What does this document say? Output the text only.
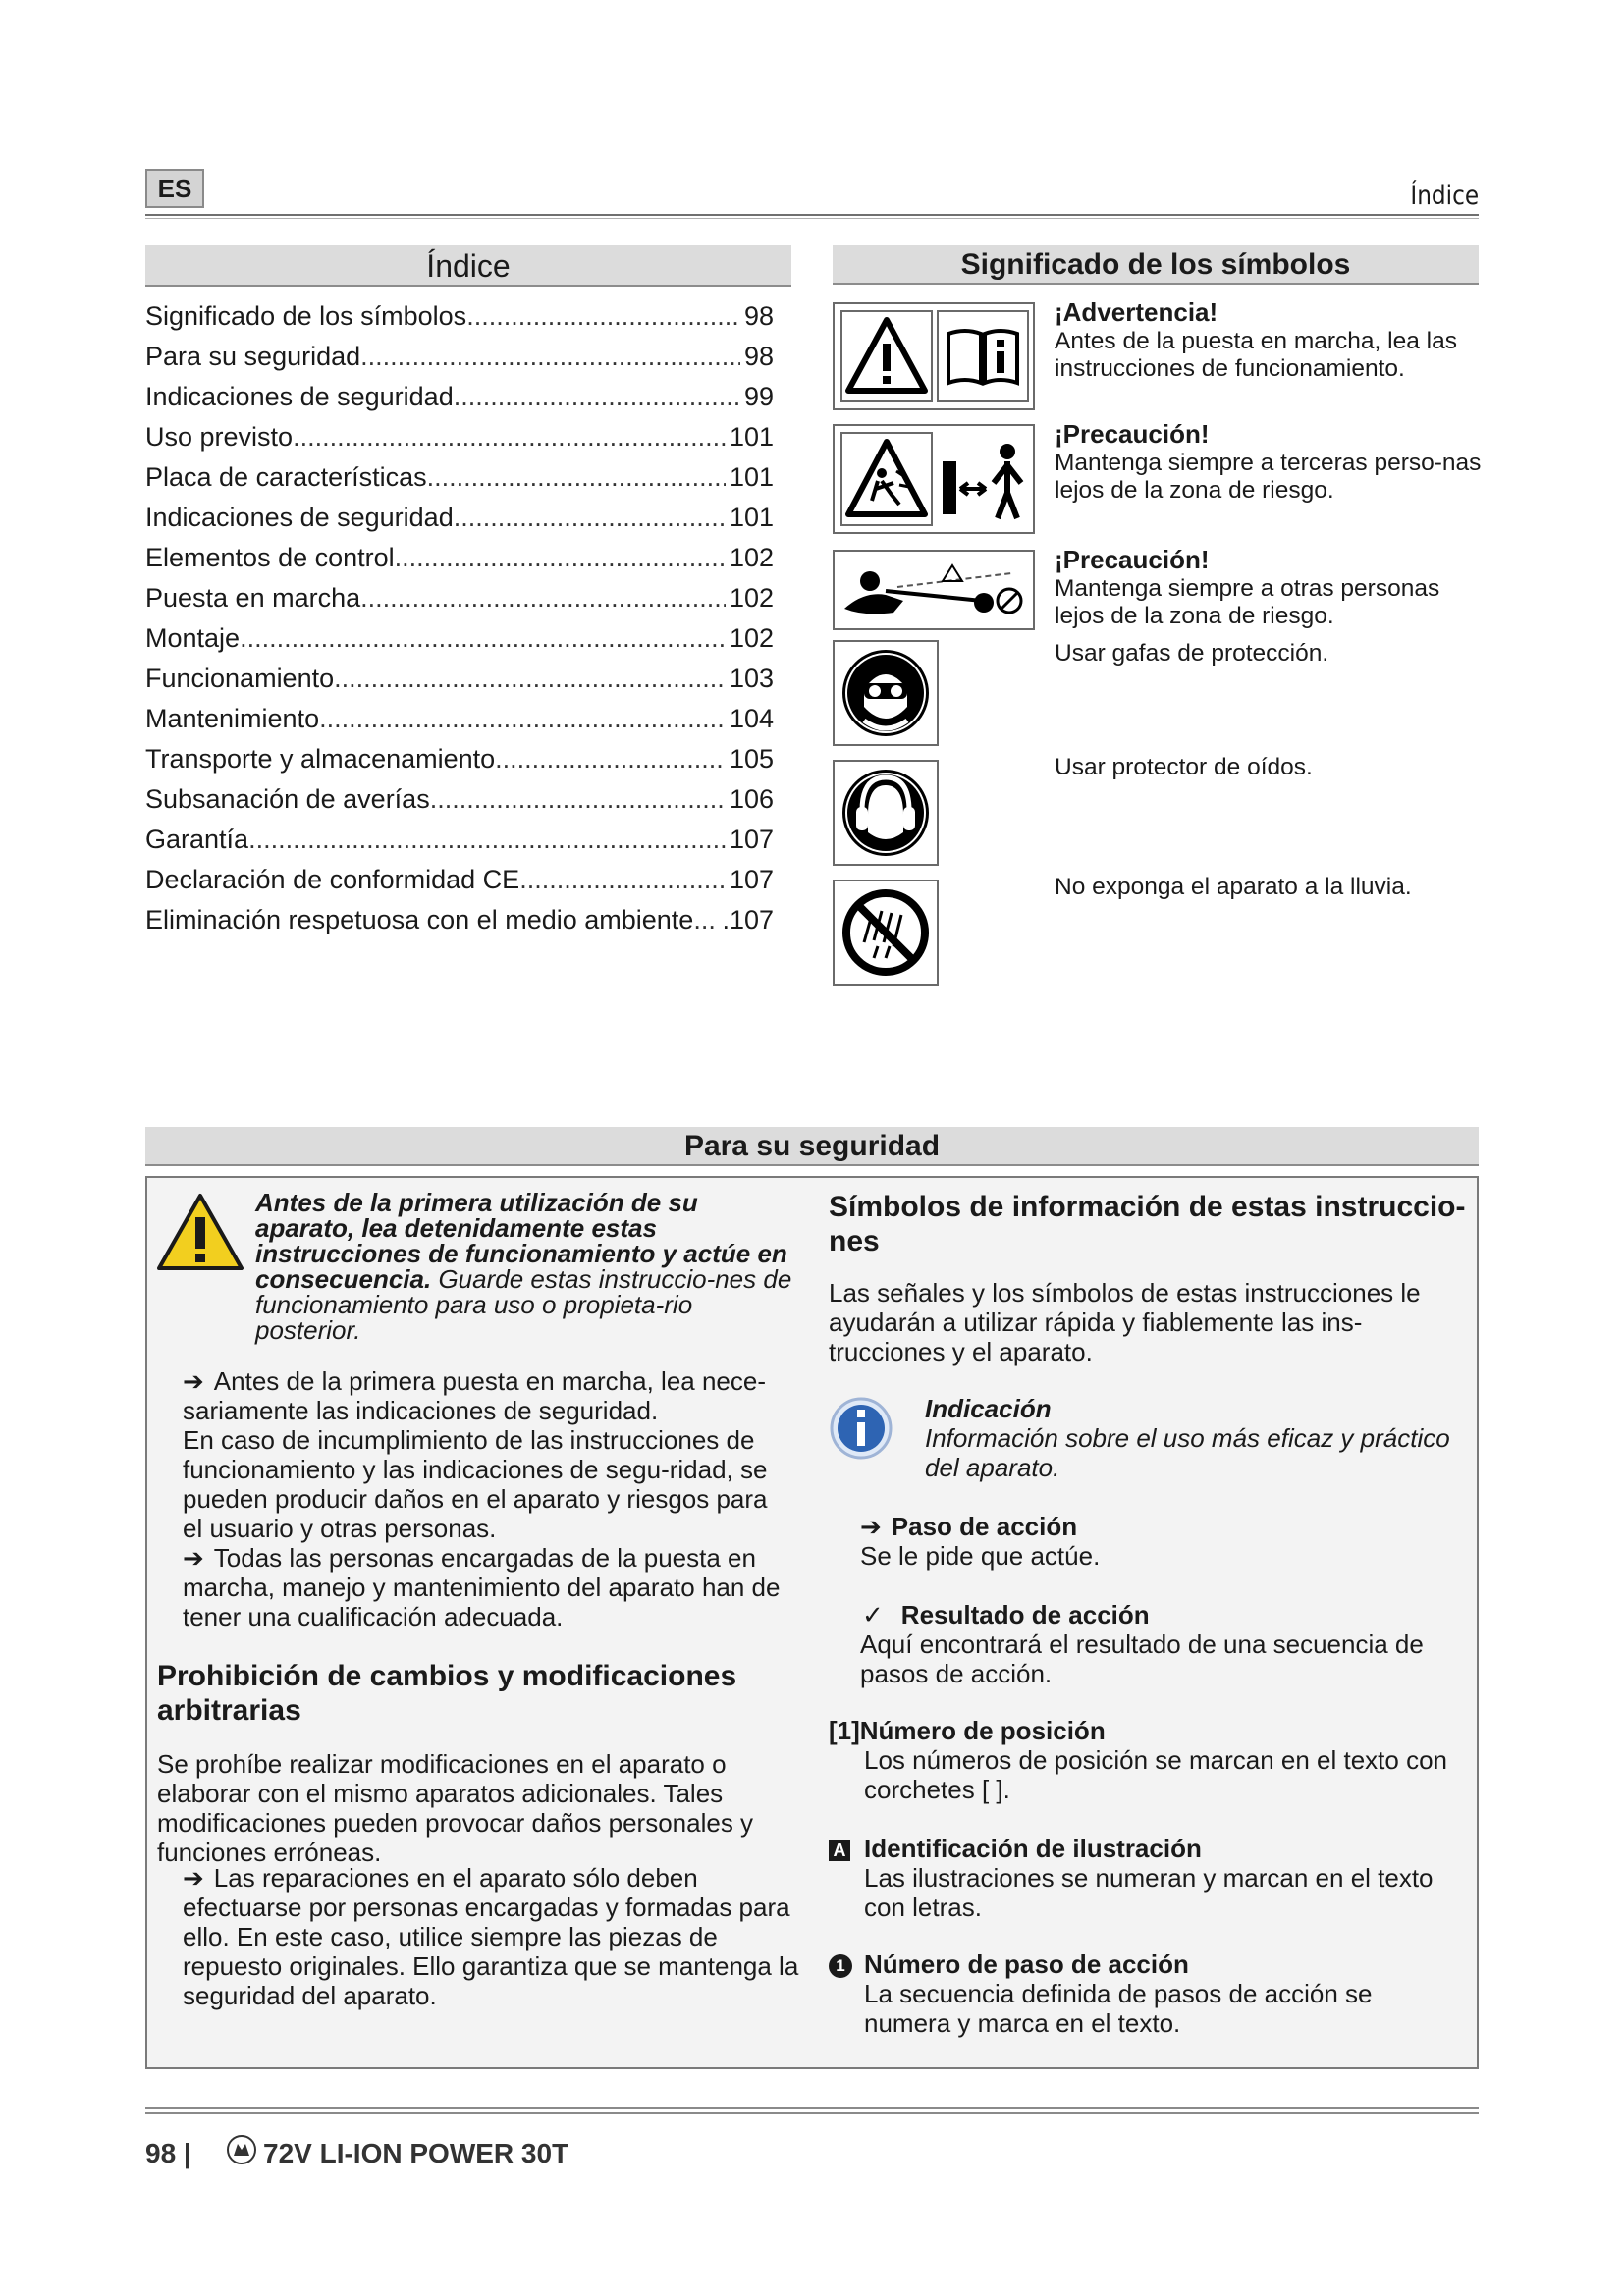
ES	Índice
Índice
Significado de los símbolos .....	98
Para su seguridad .....	98
Indicaciones de seguridad .....	99
Uso previsto .....	101
Placa de características .....	101
Indicaciones de seguridad .....	101
Elementos de control .....	102
Puesta en marcha .....	102
Montaje .....	102
Funcionamiento .....	103
Mantenimiento .....	104
Transporte y almacenamiento .....	105
Subsanación de averías .....	106
Garantía .....	107
Declaración de conformidad CE .....	107
Eliminación respetuosa con el medio ambiente ..... .107
Significado de los símbolos
¡Advertencia!
Antes de la puesta en marcha, lea las instrucciones de funcionamiento.
¡Precaución!
Mantenga siempre a terceras perso-nas lejos de la zona de riesgo.
¡Precaución!
Mantenga siempre a otras personas lejos de la zona de riesgo.

Usar gafas de protección.
Usar protector de oídos.
No exponga el aparato a la lluvia.
Para su seguridad
Antes de la primera utilización de su aparato, lea detenidamente estas instrucciones de funcionamiento y actúe en consecuencia. Guarde estas instruccio-nes de funcionamiento para uso o propieta-rio posterior.
➔ Antes de la primera puesta en marcha, lea nece-sariamente las indicaciones de seguridad.
En caso de incumplimiento de las instrucciones de funcionamiento y las indicaciones de segu-ridad, se pueden producir daños en el aparato y riesgos para el usuario y otras personas.
➔ Todas las personas encargadas de la puesta en marcha, manejo y mantenimiento del aparato han de tener una cualificación adecuada.
Prohibición de cambios y modificaciones arbitrarias
Se prohíbe realizar modificaciones en el aparato o elaborar con el mismo aparatos adicionales. Tales modificaciones pueden provocar daños personales y funciones erróneas.
➔ Las reparaciones en el aparato sólo deben efectuarse por personas encargadas y formadas para ello. En este caso, utilice siempre las piezas de repuesto originales. Ello garantiza que se mantenga la seguridad del aparato.
Símbolos de información de estas instruccio-nes
Las señales y los símbolos de estas instrucciones le ayudarán a utilizar rápida y fiablemente las ins-trucciones y el aparato.
Indicación
Información sobre el uso más eficaz y práctico del aparato.
➔ Paso de acción
Se le pide que actúe.
✓ Resultado de acción
Aquí encontrará el resultado de una secuencia de pasos de acción.
[1]Número de posición
Los números de posición se marcan en el texto con corchetes [ ].
A Identificación de ilustración
Las ilustraciones se numeran y marcan en el texto con letras.
1 Número de paso de acción
La secuencia definida de pasos de acción se numera y marca en el texto.
98 |	72V LI-ION POWER 30T
